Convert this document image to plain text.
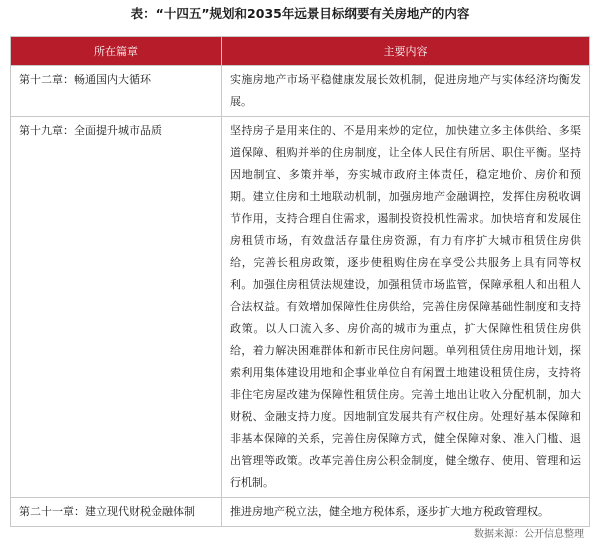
表：“十四五”规划和2035年远景目标纲要有关房地产的内容
所在篇章	主要内容
第十二章：畅通国内大循环	实施房地产市场平稳健康发展长效机制，促进房地产与实体经济均衡发展。
第十九章：全面提升城市品质	坚持房子是用来住的、不是用来炒的定位，加快建立多主体供给、多渠道保障、租购并举的住房制度，让全体人民住有所居、职住平衡。坚持因地制宜、多策并举，夯实城市政府主体责任，稳定地价、房价和预期。建立住房和土地联动机制，加强房地产金融调控，发挥住房税收调节作用，支持合理自住需求，遏制投资投机性需求。加快培育和发展住房租赁市场，有效盘活存量住房资源，有力有序扩大城市租赁住房供给，完善长租房政策，逐步使租购住房在享受公共服务上具有同等权利。加强住房租赁法规建设，加强租赁市场监管，保障承租人和出租人合法权益。有效增加保障性住房供给，完善住房保障基础性制度和支持政策。以人口流入多、房价高的城市为重点，扩大保障性租赁住房供给，着力解决困难群体和新市民住房问题。单列租赁住房用地计划，探索利用集体建设用地和企事业单位自有闲置土地建设租赁住房，支持将非住宅房屋改建为保障性租赁住房。完善土地出让收入分配机制，加大财税、金融支持力度。因地制宜发展共有产权住房。处理好基本保障和非基本保障的关系，完善住房保障方式，健全保障对象、准入门槛、退出管理等政策。改革完善住房公积金制度，健全缴存、使用、管理和运行机制。
第二十一章：建立现代财税金融体制	推进房地产税立法，健全地方税体系，逐步扩大地方税政管理权。
数据来源：公开信息整理
